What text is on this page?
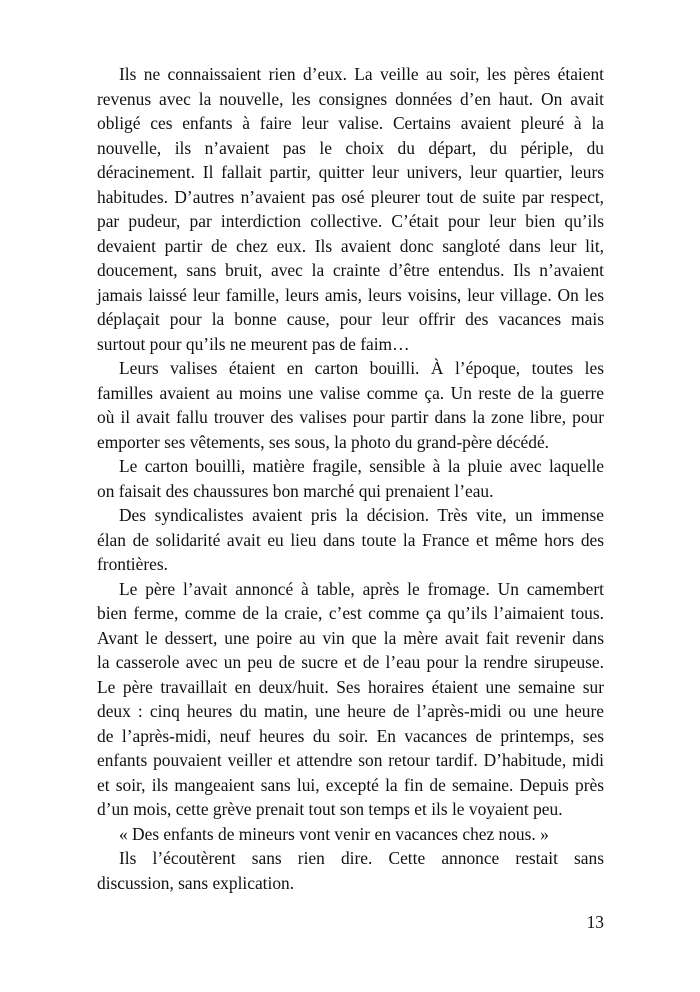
Ils ne connaissaient rien d’eux. La veille au soir, les pères étaient
revenus avec la nouvelle, les consignes données d’en haut. On avait
obligé ces enfants à faire leur valise. Certains avaient pleuré à la
nouvelle, ils n’avaient pas le choix du départ, du périple, du
déracinement. Il fallait partir, quitter leur univers, leur quartier, leurs
habitudes. D’autres n’avaient pas osé pleurer tout de suite par respect,
par pudeur, par interdiction collective. C’était pour leur bien qu’ils
devaient partir de chez eux. Ils avaient donc sangloté dans leur lit,
doucement, sans bruit, avec la crainte d’être entendus. Ils n’avaient
jamais laissé leur famille, leurs amis, leurs voisins, leur village. On les
déplaçait pour la bonne cause, pour leur offrir des vacances mais
surtout pour qu’ils ne meurent pas de faim…
Leurs valises étaient en carton bouilli. À l’époque, toutes les
familles avaient au moins une valise comme ça. Un reste de la guerre
où il avait fallu trouver des valises pour partir dans la zone libre, pour
emporter ses vêtements, ses sous, la photo du grand-père décédé.
Le carton bouilli, matière fragile, sensible à la pluie avec laquelle
on faisait des chaussures bon marché qui prenaient l’eau.
Des syndicalistes avaient pris la décision. Très vite, un immense
élan de solidarité avait eu lieu dans toute la France et même hors des
frontières.
Le père l’avait annoncé à table, après le fromage. Un camembert
bien ferme, comme de la craie, c’est comme ça qu’ils l’aimaient tous.
Avant le dessert, une poire au vin que la mère avait fait revenir dans
la casserole avec un peu de sucre et de l’eau pour la rendre sirupeuse.
Le père travaillait en deux/huit. Ses horaires étaient une semaine sur
deux : cinq heures du matin, une heure de l’après-midi ou une heure
de l’après-midi, neuf heures du soir. En vacances de printemps, ses
enfants pouvaient veiller et attendre son retour tardif. D’habitude, midi
et soir, ils mangeaient sans lui, excepté la fin de semaine. Depuis près
d’un mois, cette grève prenait tout son temps et ils le voyaient peu.
« Des enfants de mineurs vont venir en vacances chez nous. »
Ils l’écoutèrent sans rien dire. Cette annonce restait sans
discussion, sans explication.
13
